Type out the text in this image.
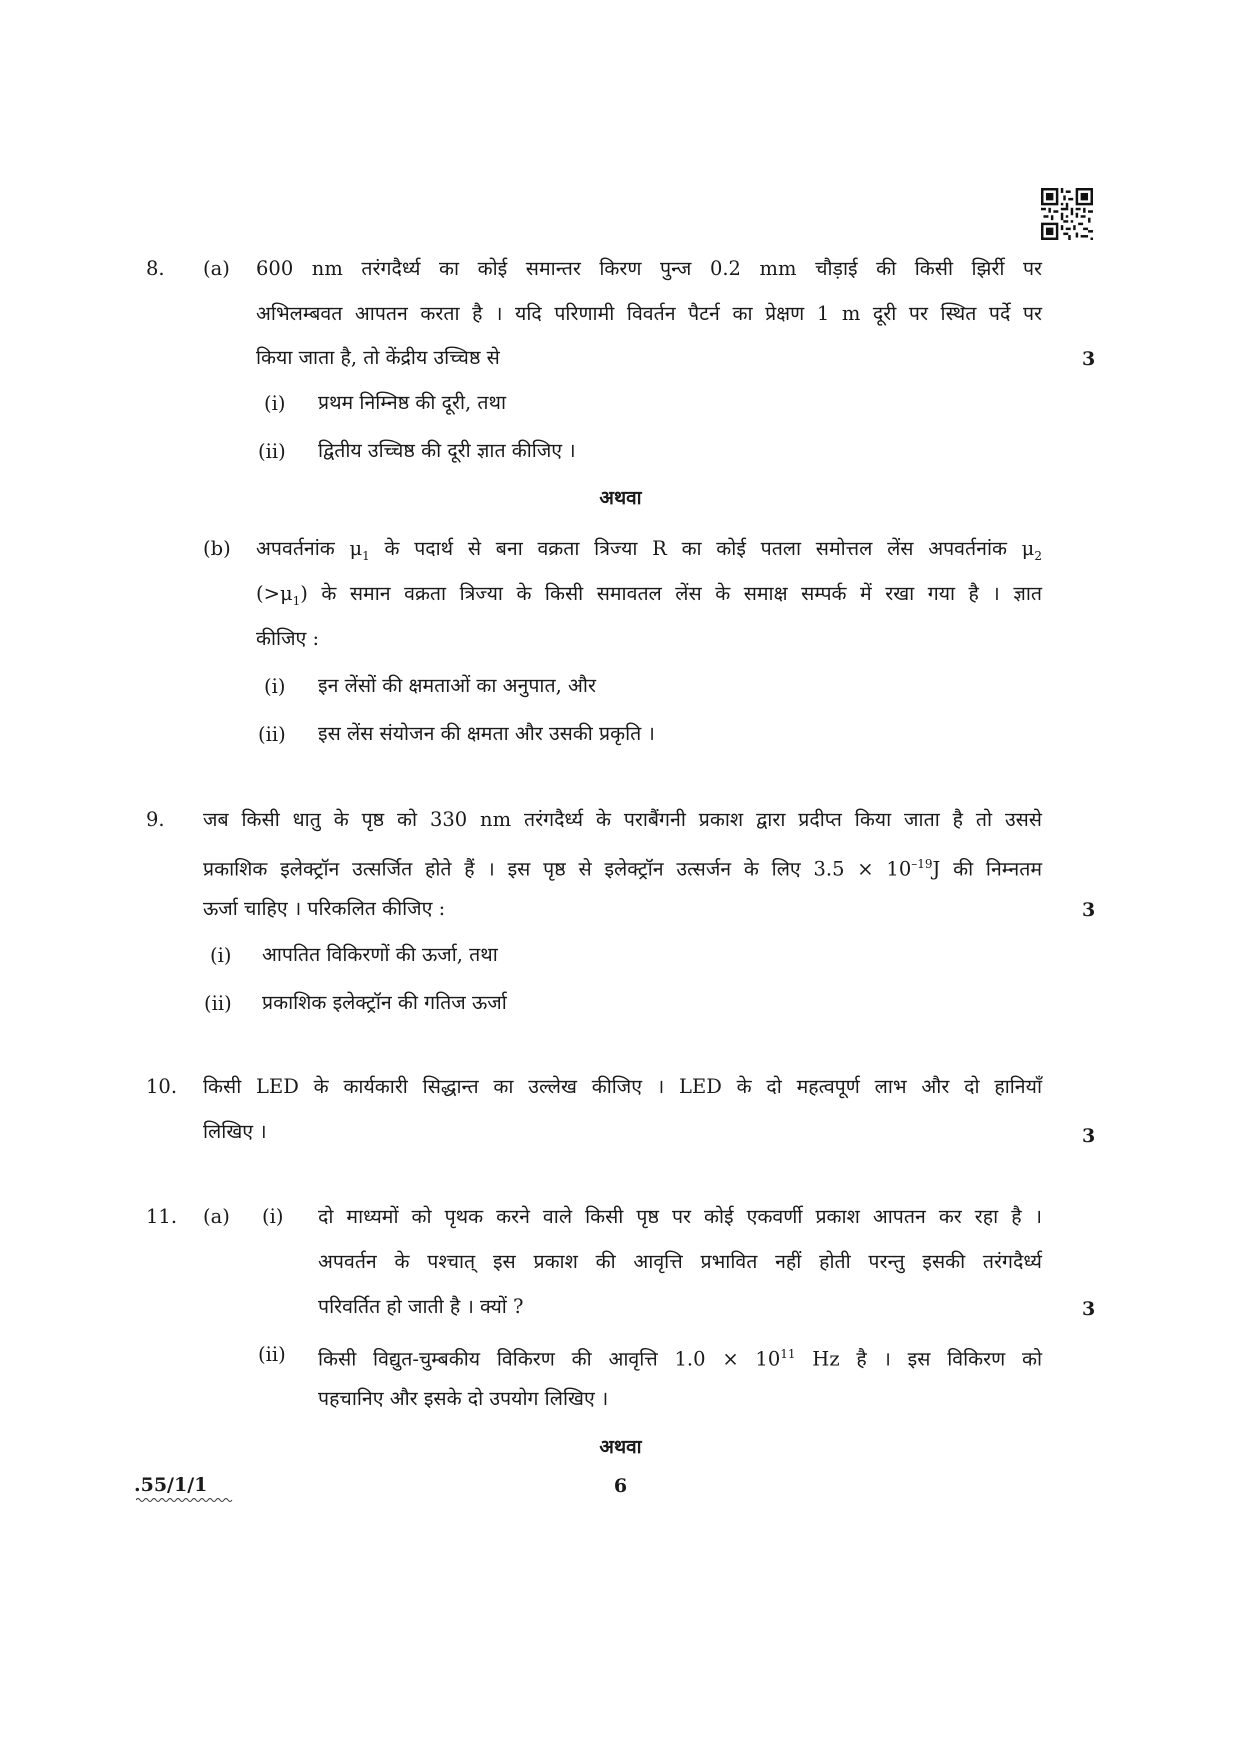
8. (a) 600 nm तरंगदैर्ध्य का कोई समान्तर किरण पुन्ज 0.2 mm चौड़ाई की किसी झिर्री पर
अभिलम्बवत आपतन करता है । यदि परिणामी विवर्तन पैटर्न का प्रेक्षण 1 m दूरी पर स्थित पर्दे पर
किया जाता है, तो केंद्रीय उच्चिष्ठ से	3
(i) प्रथम निम्निष्ठ की दूरी, तथा
(ii) द्वितीय उच्चिष्ठ की दूरी ज्ञात कीजिए ।
अथवा
(b) अपवर्तनांक $\mu_1$ के पदार्थ से बना वक्रता त्रिज्या R का कोई पतला समोत्तल लेंस अपवर्तनांक $\mu_2$
$(>\mu_1)$ के समान वक्रता त्रिज्या के किसी समावतल लेंस के समाक्ष सम्पर्क में रखा गया है । ज्ञात
कीजिए :
(i) इन लेंसों की क्षमताओं का अनुपात, और
(ii) इस लेंस संयोजन की क्षमता और उसकी प्रकृति ।
9. जब किसी धातु के पृष्ठ को 330 nm तरंगदैर्ध्य के पराबैंगनी प्रकाश द्वारा प्रदीप्त किया जाता है तो उससे
प्रकाशिक इलेक्ट्रॉन उत्सर्जित होते हैं । इस पृष्ठ से इलेक्ट्रॉन उत्सर्जन के लिए $3.5 \times 10^{-19}J$ की निम्नतम
ऊर्जा चाहिए । परिकलित कीजिए :	3
(i) आपतित विकिरणों की ऊर्जा, तथा
(ii) प्रकाशिक इलेक्ट्रॉन की गतिज ऊर्जा
10. किसी LED के कार्यकारी सिद्धान्त का उल्लेख कीजिए । LED के दो महत्वपूर्ण लाभ और दो हानियाँ
लिखिए ।	3
11. (a) (i) दो माध्यमों को पृथक करने वाले किसी पृष्ठ पर कोई एकवर्णी प्रकाश आपतन कर रहा है ।
अपवर्तन के पश्चात् इस प्रकाश की आवृत्ति प्रभावित नहीं होती परन्तु इसकी तरंगदैर्ध्य
परिवर्तित हो जाती है । क्यों ?	3
(ii) किसी विद्युत-चुम्बकीय विकिरण की आवृत्ति $1.0 \times 10^{11}$ Hz है । इस विकिरण को
पहचानिए और इसके दो उपयोग लिखिए ।
अथवा
.55/1/1	6
